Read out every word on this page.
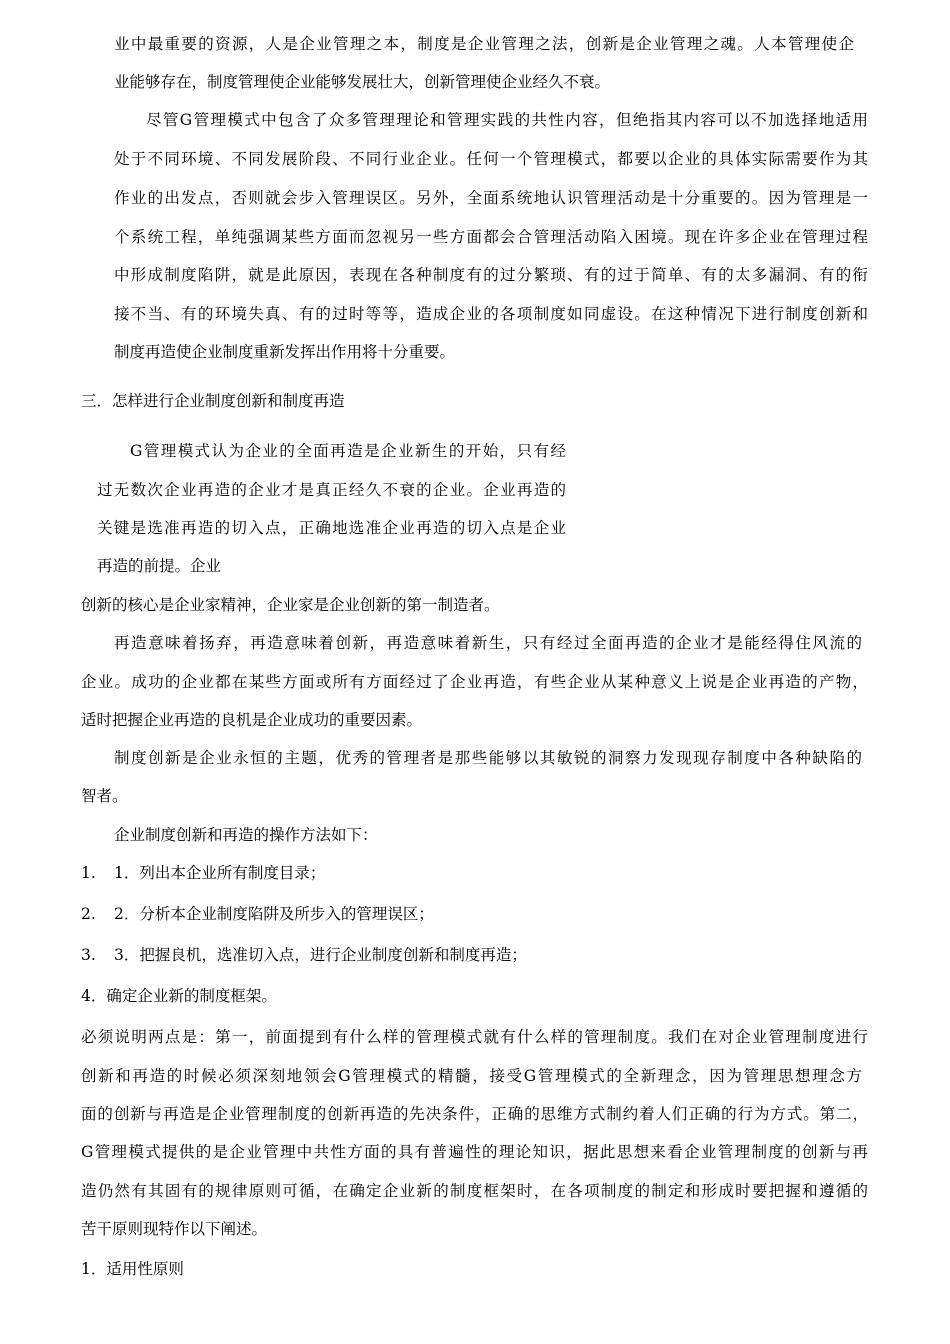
业中最重要的资源，人是企业管理之本，制度是企业管理之法，创新是企业管理之魂。人本管理使企
业能够存在，制度管理使企业能够发展壮大，创新管理使企业经久不衰。
尽管G管理模式中包含了众多管理理论和管理实践的共性内容，但绝指其内容可以不加选择地适用
处于不同环境、不同发展阶段、不同行业企业。任何一个管理模式，都要以企业的具体实际需要作为其
作业的出发点，否则就会步入管理误区。另外，全面系统地认识管理活动是十分重要的。因为管理是一
个系统工程，单纯强调某些方面而忽视另一些方面都会合管理活动陷入困境。现在许多企业在管理过程
中形成制度陷阱，就是此原因，表现在各种制度有的过分繁琐、有的过于简单、有的太多漏洞、有的衔
接不当、有的环境失真、有的过时等等，造成企业的各项制度如同虚设。在这种情况下进行制度创新和
制度再造使企业制度重新发挥出作用将十分重要。
三．怎样进行企业制度创新和制度再造
G管理模式认为企业的全面再造是企业新生的开始，只有经
过无数次企业再造的企业才是真正经久不衰的企业。企业再造的
关键是选准再造的切入点，正确地选准企业再造的切入点是企业
再造的前提。企业
创新的核心是企业家精神，企业家是企业创新的第一制造者。
再造意味着扬弃，再造意味着创新，再造意味着新生，只有经过全面再造的企业才是能经得住风流的
企业。成功的企业都在某些方面或所有方面经过了企业再造，有些企业从某种意义上说是企业再造的产物，
适时把握企业再造的良机是企业成功的重要因素。
制度创新是企业永恒的主题，优秀的管理者是那些能够以其敏锐的洞察力发现现存制度中各种缺陷的
智者。
企业制度创新和再造的操作方法如下：
1. 1．列出本企业所有制度目录；
2. 2．分析本企业制度陷阱及所步入的管理误区；
3. 3．把握良机，选准切入点，进行企业制度创新和制度再造；
4．确定企业新的制度框架。
必须说明两点是：第一，前面提到有什么样的管理模式就有什么样的管理制度。我们在对企业管理制度进行
创新和再造的时候必须深刻地领会G管理模式的精髓，接受G管理模式的全新理念，因为管理思想理念方
面的创新与再造是企业管理制度的创新再造的先决条件，正确的思维方式制约着人们正确的行为方式。第二，
G管理模式提供的是企业管理中共性方面的具有普遍性的理论知识，据此思想来看企业管理制度的创新与再
造仍然有其固有的规律原则可循，在确定企业新的制度框架时，在各项制度的制定和形成时要把握和遵循的
苦干原则现特作以下阐述。
1．适用性原则
